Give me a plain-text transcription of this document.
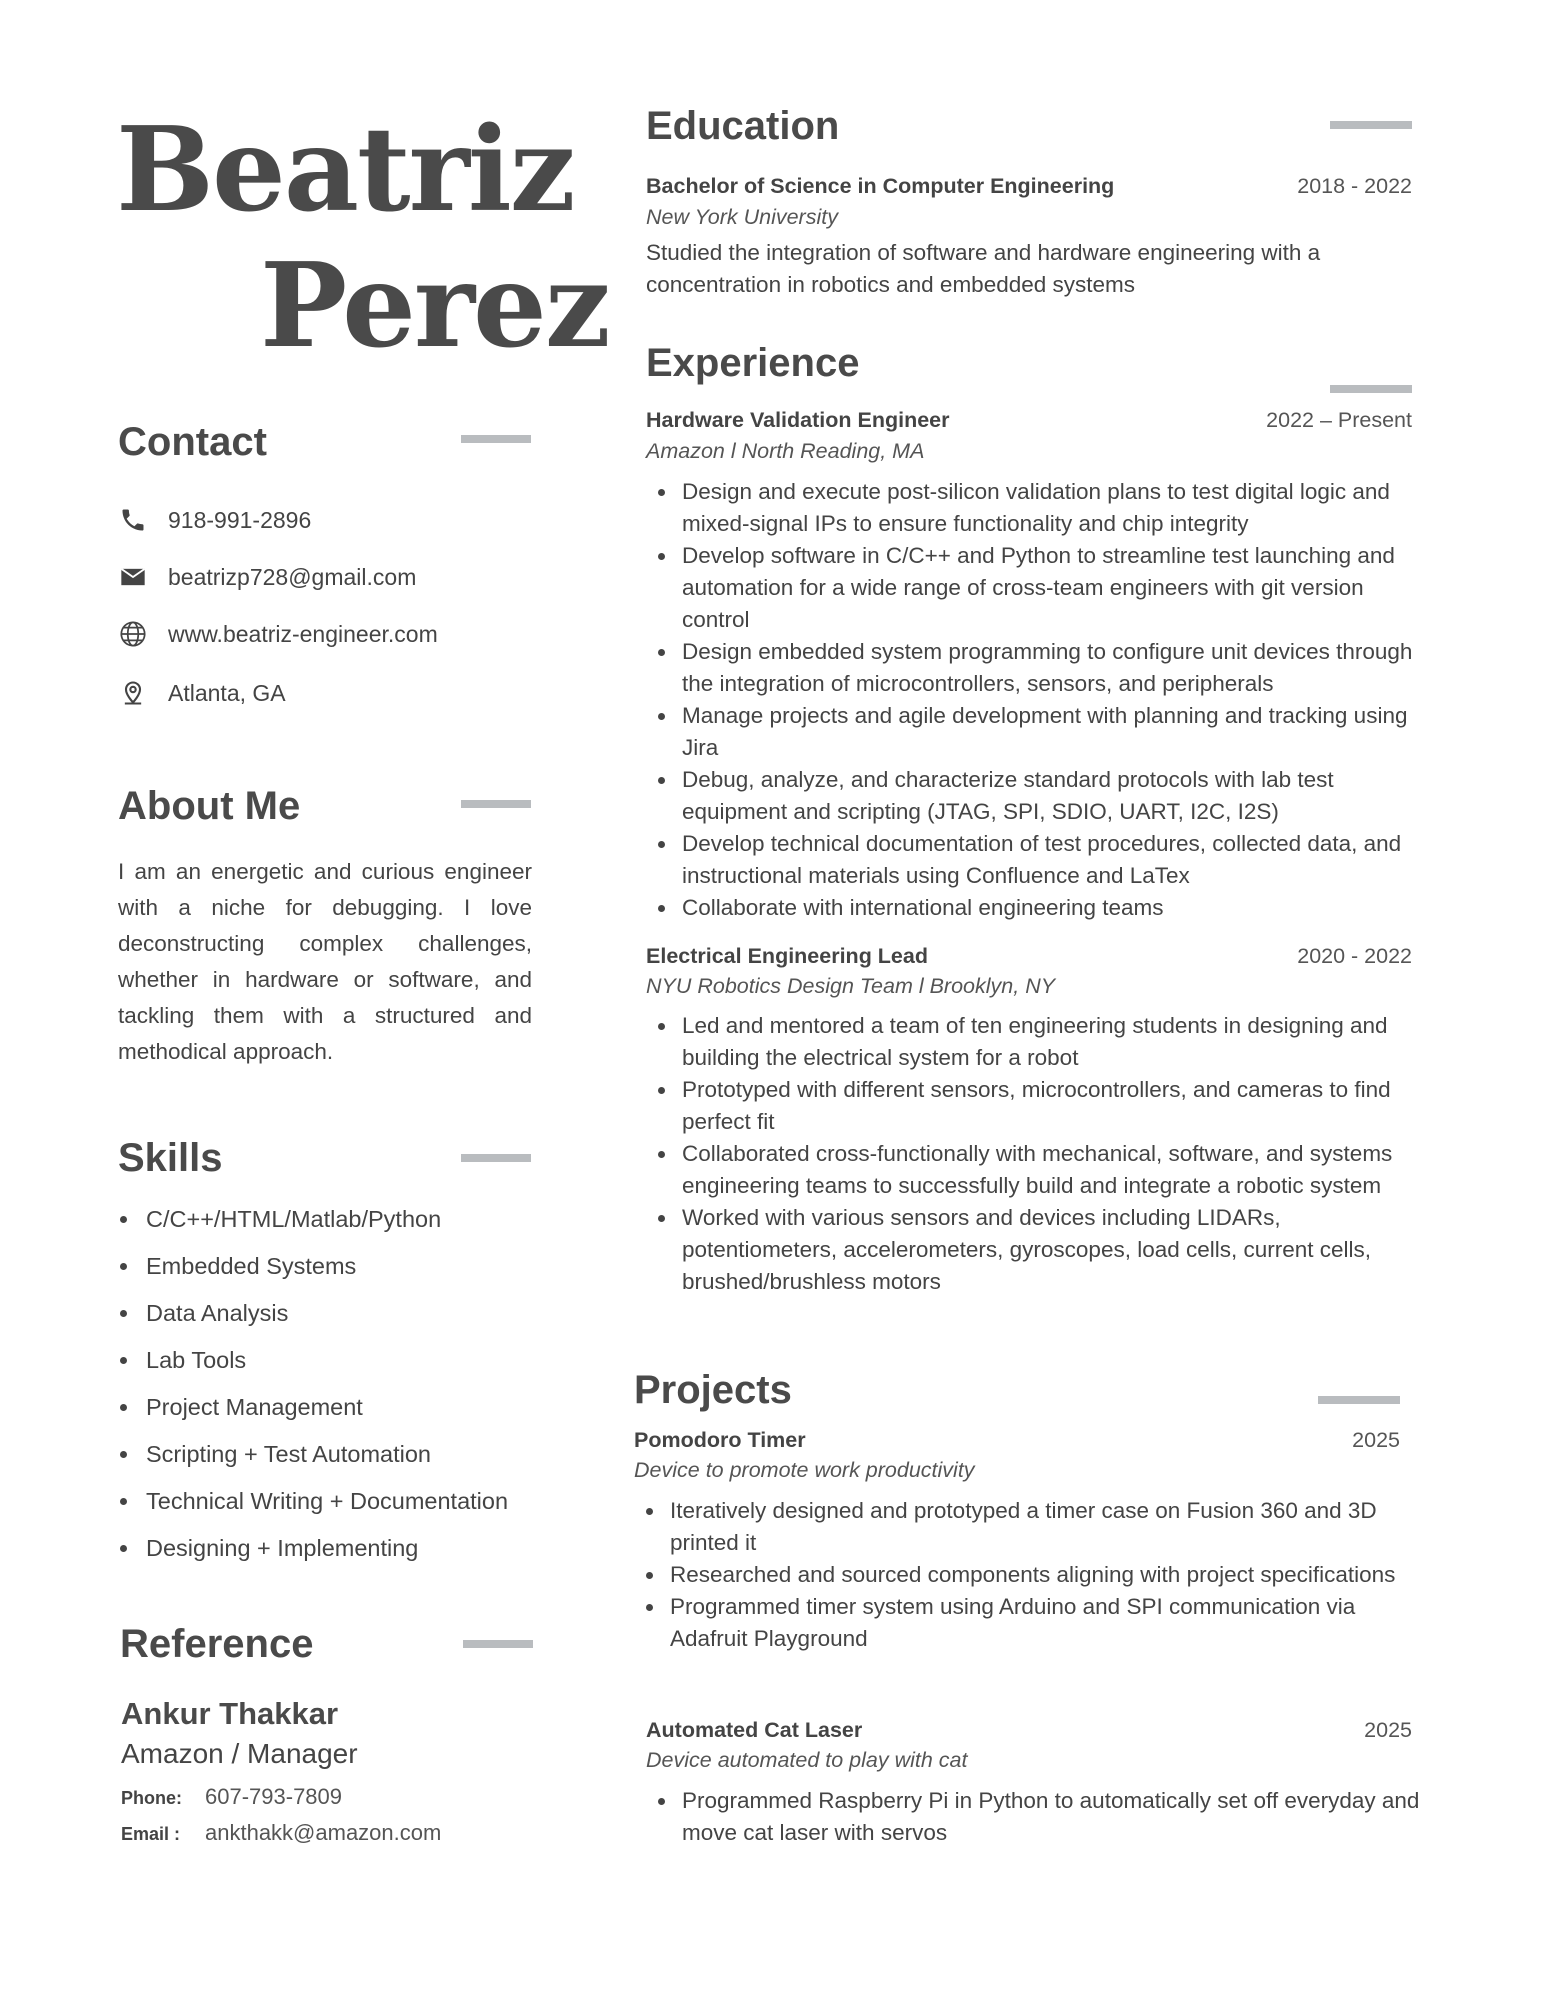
Beatriz
Perez
Contact
918-991-2896
beatrizp728@gmail.com
www.beatriz-engineer.com
Atlanta, GA
About Me
I am an energetic and curious engineer with a niche for debugging. I love deconstructing complex challenges, whether in hardware or software, and tackling them with a structured and methodical approach.
Skills
C/C++/HTML/Matlab/Python
Embedded Systems
Data Analysis
Lab Tools
Project Management
Scripting + Test Automation
Technical Writing + Documentation
Designing + Implementing
Reference
Ankur Thakkar
Amazon / Manager
Phone:	607-793-7809
Email :	ankthakk@amazon.com
Education
Bachelor of Science in Computer Engineering	2018 - 2022
New York University
Studied the integration of software and hardware engineering with a concentration in robotics and embedded systems
Experience
Hardware Validation Engineer	2022 – Present
Amazon l North Reading, MA
Design and execute post-silicon validation plans to test digital logic and mixed-signal IPs to ensure functionality and chip integrity
Develop software in C/C++ and Python to streamline test launching and automation for a wide range of cross-team engineers with git version control
Design embedded system programming to configure unit devices through the integration of microcontrollers, sensors, and peripherals
Manage projects and agile development with planning and tracking using Jira
Debug, analyze, and characterize standard protocols with lab test equipment and scripting (JTAG, SPI, SDIO, UART, I2C, I2S)
Develop technical documentation of test procedures, collected data, and instructional materials using Confluence and LaTex
Collaborate with international engineering teams
Electrical Engineering Lead	2020 - 2022
NYU Robotics Design Team l Brooklyn, NY
Led and mentored a team of ten engineering students in designing and building the electrical system for a robot
Prototyped with different sensors, microcontrollers, and cameras to find perfect fit
Collaborated cross-functionally with mechanical, software, and systems engineering teams to successfully build and integrate a robotic system
Worked with various sensors and devices including LIDARs, potentiometers, accelerometers, gyroscopes, load cells, current cells, brushed/brushless motors
Projects
Pomodoro Timer	2025
Device to promote work productivity
Iteratively designed and prototyped a timer case on Fusion 360 and 3D printed it
Researched and sourced components aligning with project specifications
Programmed timer system using Arduino and SPI communication via Adafruit Playground
Automated Cat Laser	2025
Device automated to play with cat
Programmed Raspberry Pi in Python to automatically set off everyday and move cat laser with servos
